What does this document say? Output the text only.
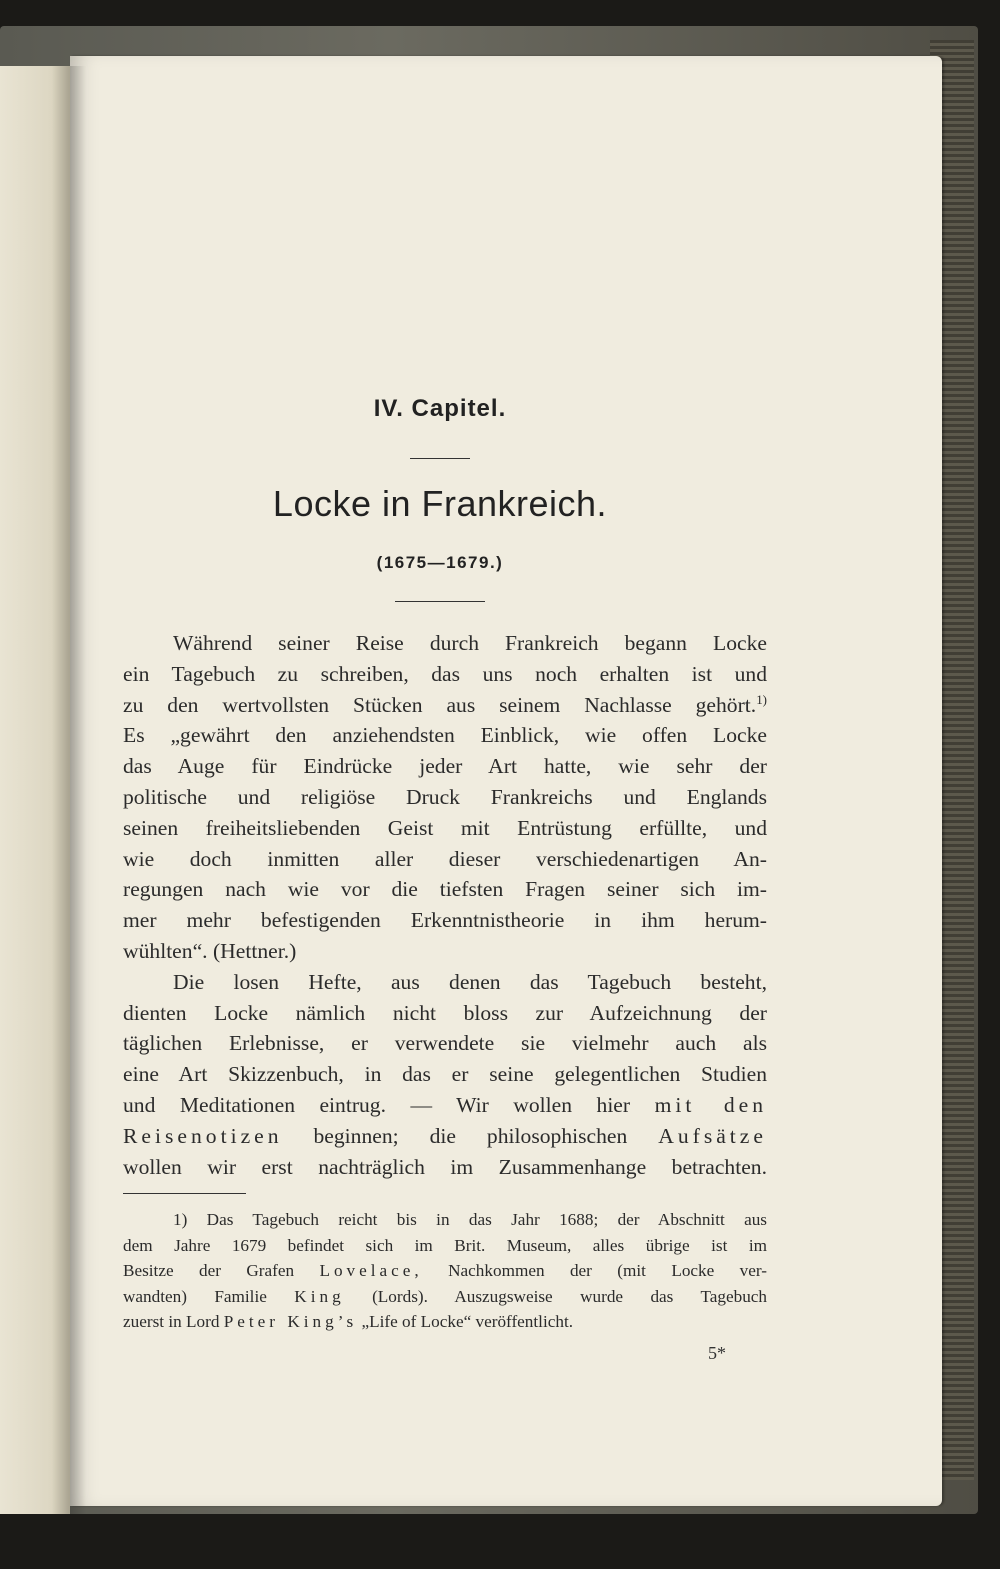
IV. Capitel.
Locke in Frankreich.
(1675—1679.)
Während seiner Reise durch Frankreich begann Locke
ein Tagebuch zu schreiben, das uns noch erhalten ist und
zu den wertvollsten Stücken aus seinem Nachlasse gehört.$^{1)}$
Es „gewährt den anziehendsten Einblick, wie offen Locke
das Auge für Eindrücke jeder Art hatte, wie sehr der
politische und religiöse Druck Frankreichs und Englands
seinen freiheitsliebenden Geist mit Entrüstung erfüllte, und
wie doch inmitten aller dieser verschiedenartigen An-
regungen nach wie vor die tiefsten Fragen seiner sich im-
mer mehr befestigenden Erkenntnistheorie in ihm herum-
wühlten“. (Hettner.)
Die losen Hefte, aus denen das Tagebuch besteht,
dienten Locke nämlich nicht bloss zur Aufzeichnung der
täglichen Erlebnisse, er verwendete sie vielmehr auch als
eine Art Skizzenbuch, in das er seine gelegentlichen Studien
und Meditationen eintrug. — Wir wollen hier mit den
Reisenotizen beginnen; die philosophischen Aufsätze
wollen wir erst nachträglich im Zusammenhange betrachten.
1) Das Tagebuch reicht bis in das Jahr 1688; der Abschnitt aus
dem Jahre 1679 befindet sich im Brit. Museum, alles übrige ist im
Besitze der Grafen Lovelace, Nachkommen der (mit Locke ver-
wandten) Familie King (Lords). Auszugsweise wurde das Tagebuch
zuerst in Lord Peter King’s „Life of Locke“ veröffentlicht.
5*
